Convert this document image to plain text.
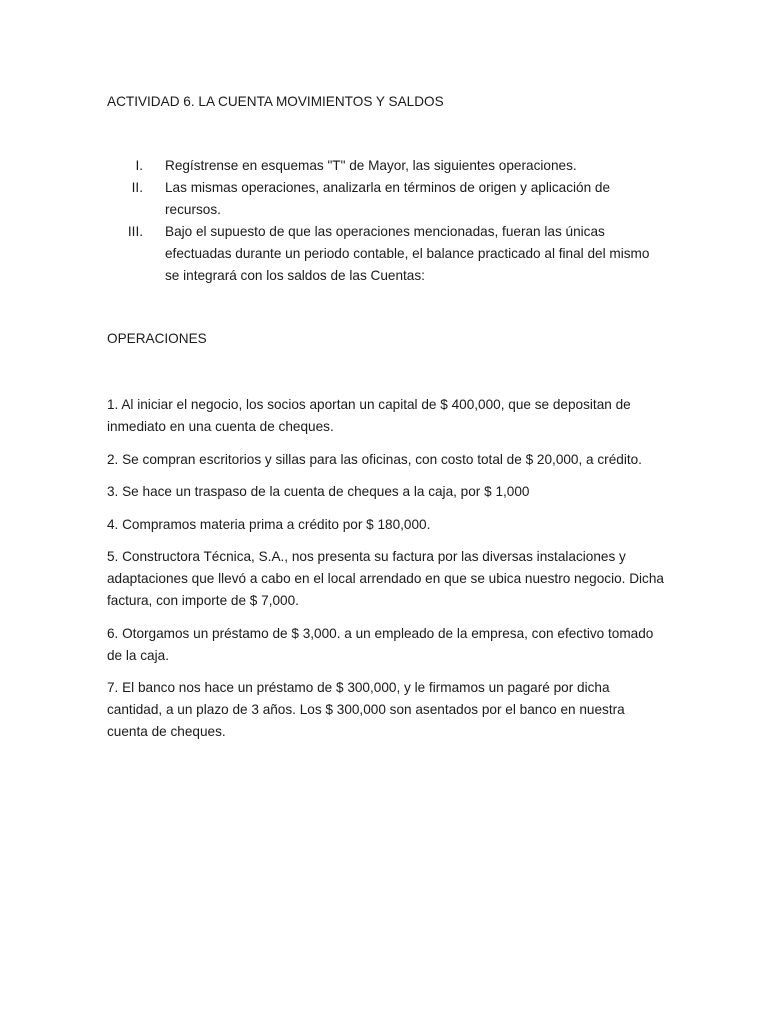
ACTIVIDAD 6. LA CUENTA MOVIMIENTOS Y SALDOS
I. Regístrense en esquemas "T" de Mayor, las siguientes operaciones.
II. Las mismas operaciones, analizarla en términos de origen y aplicación de recursos.
III. Bajo el supuesto de que las operaciones mencionadas, fueran las únicas efectuadas durante un periodo contable, el balance practicado al final del mismo se integrará con los saldos de las Cuentas:
OPERACIONES
1. Al iniciar el negocio, los socios aportan un capital de $ 400,000, que se depositan de inmediato en una cuenta de cheques.
2. Se compran escritorios y sillas para las oficinas, con costo total de $ 20,000, a crédito.
3. Se hace un traspaso de la cuenta de cheques a la caja, por $ 1,000
4. Compramos materia prima a crédito por $ 180,000.
5. Constructora Técnica, S.A., nos presenta su factura por las diversas instalaciones y adaptaciones que llevó a cabo en el local arrendado en que se ubica nuestro negocio. Dicha factura, con importe de $ 7,000.
6. Otorgamos un préstamo de $ 3,000. a un empleado de la empresa, con efectivo tomado de la caja.
7. El banco nos hace un préstamo de $ 300,000, y le firmamos un pagaré por dicha cantidad, a un plazo de 3 años. Los $ 300,000 son asentados por el banco en nuestra cuenta de cheques.
